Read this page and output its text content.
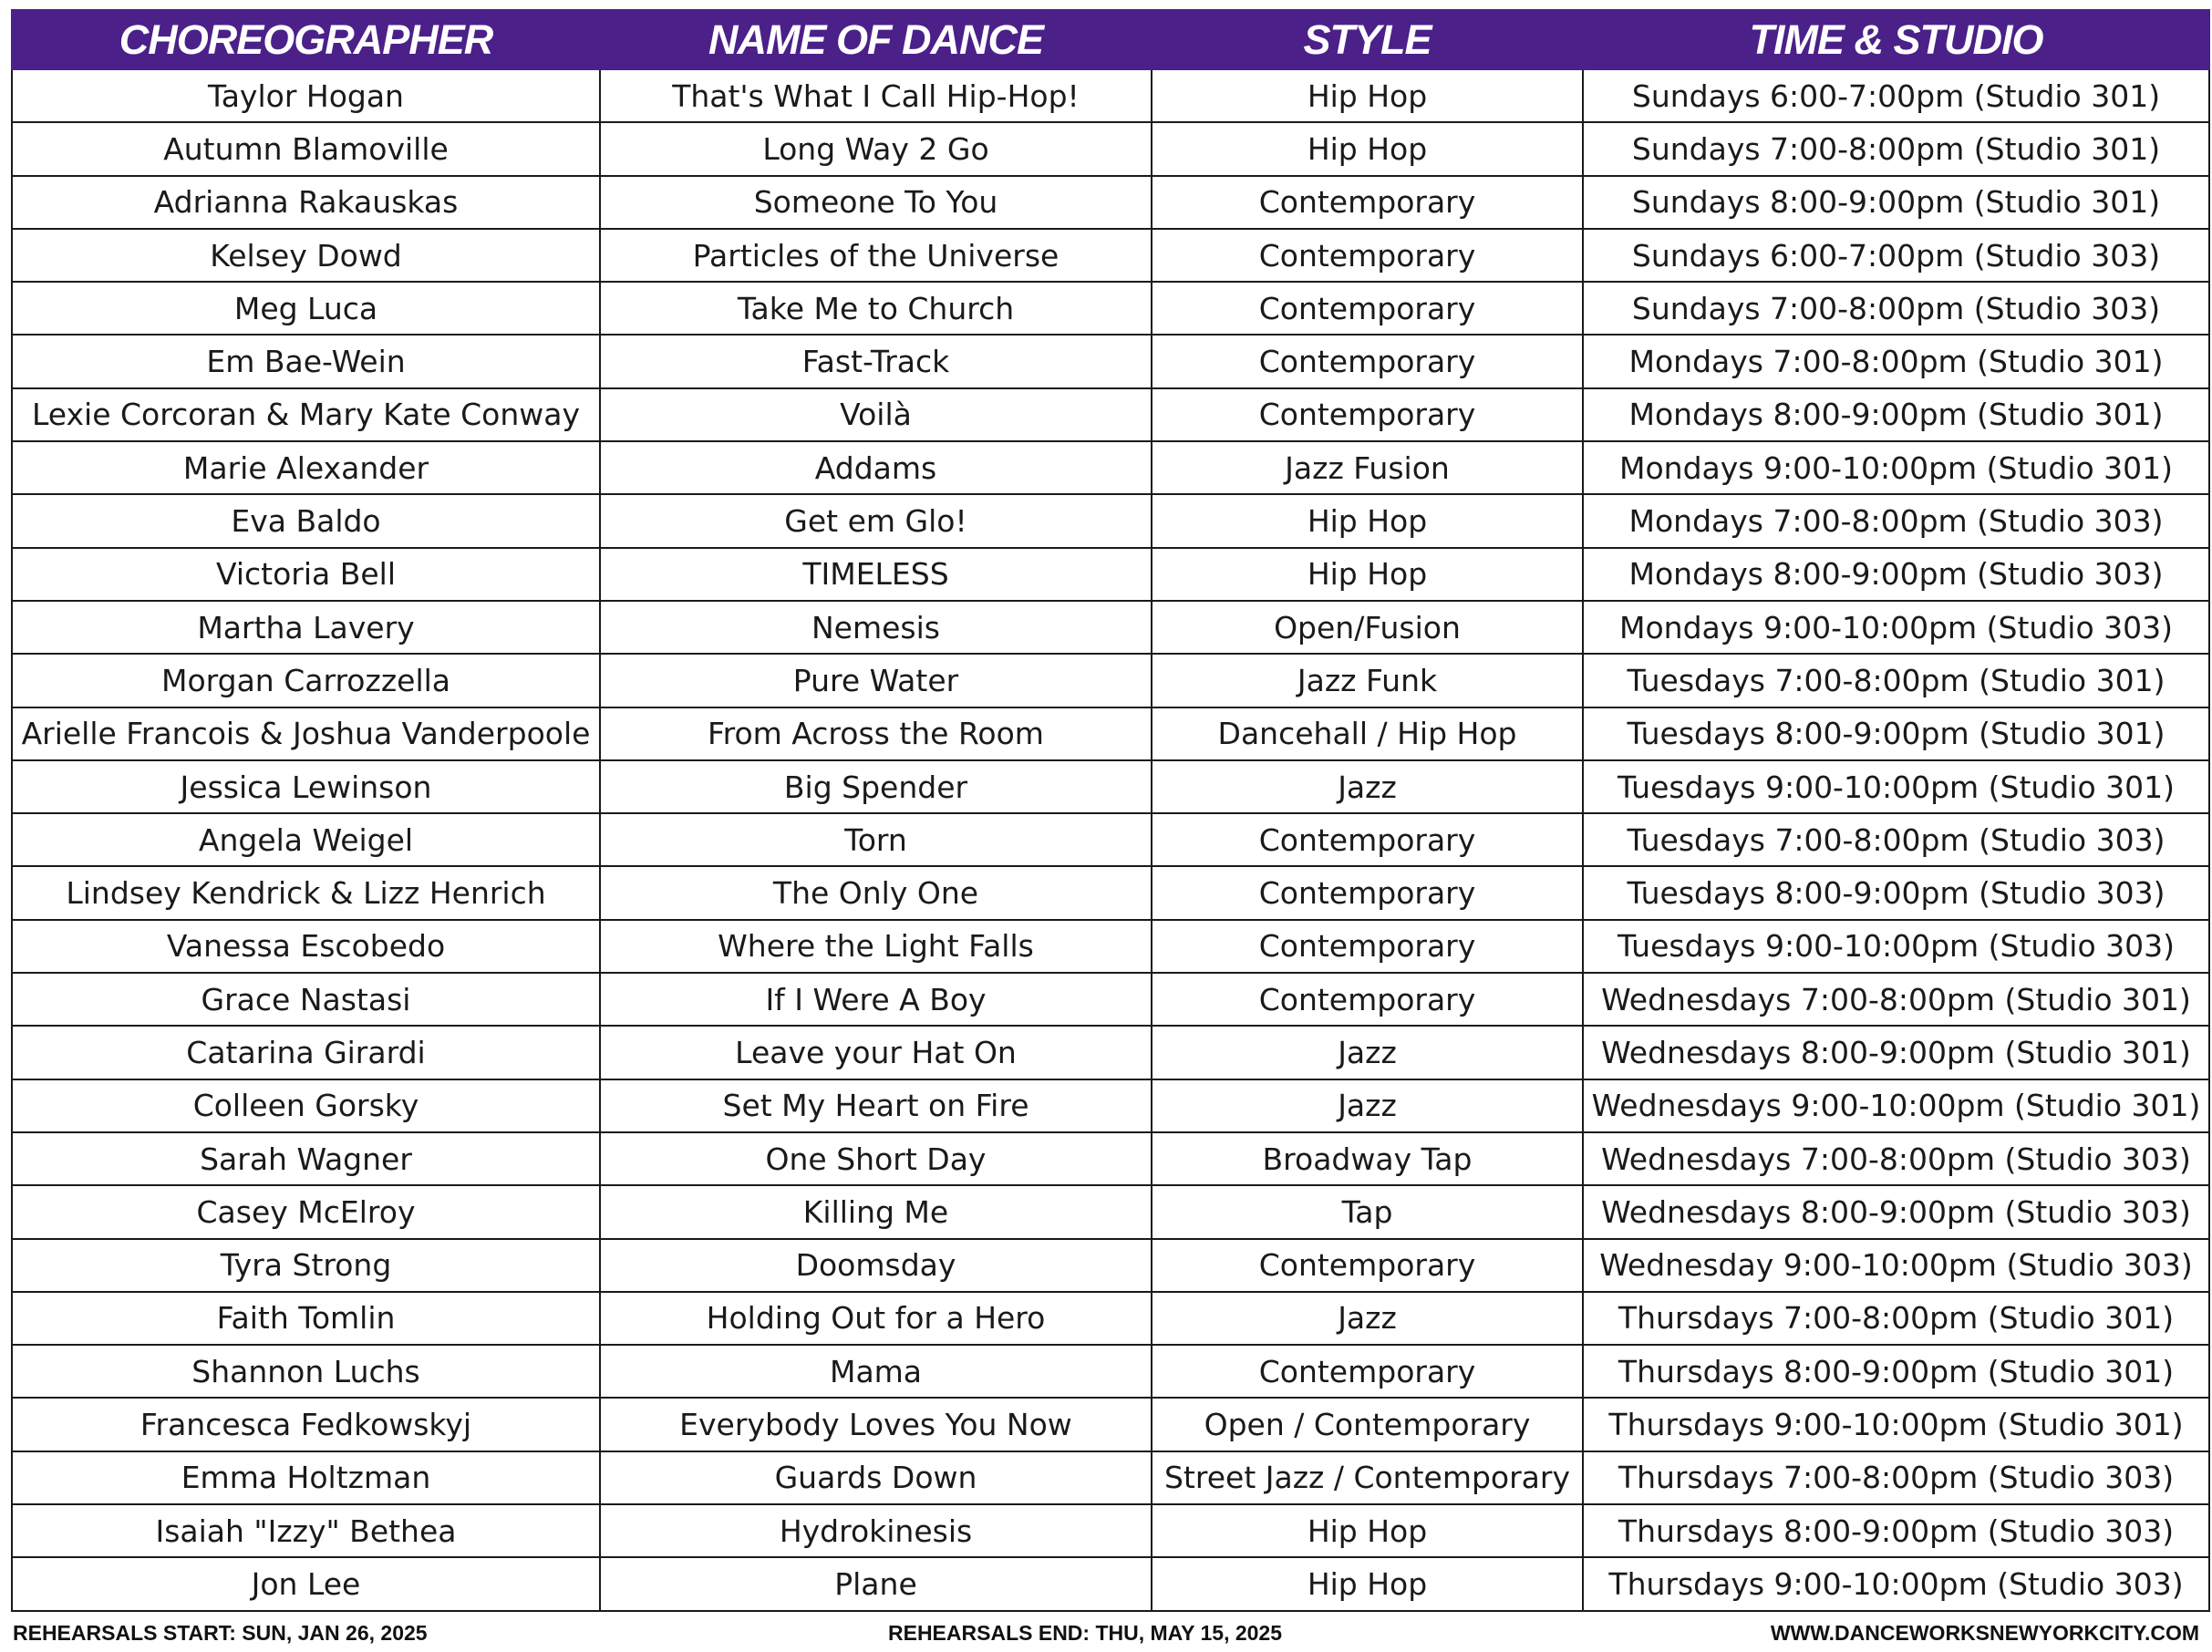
CHOREOGRAPHER	NAME OF DANCE	STYLE	TIME & STUDIO
Taylor Hogan	That's What I Call Hip-Hop!	Hip Hop	Sundays 6:00-7:00pm (Studio 301)
Autumn Blamoville	Long Way 2 Go	Hip Hop	Sundays 7:00-8:00pm (Studio 301)
Adrianna Rakauskas	Someone To You	Contemporary	Sundays 8:00-9:00pm (Studio 301)
Kelsey Dowd	Particles of the Universe	Contemporary	Sundays 6:00-7:00pm (Studio 303)
Meg Luca	Take Me to Church	Contemporary	Sundays 7:00-8:00pm (Studio 303)
Em Bae-Wein	Fast-Track	Contemporary	Mondays 7:00-8:00pm (Studio 301)
Lexie Corcoran & Mary Kate Conway	Voilà	Contemporary	Mondays 8:00-9:00pm (Studio 301)
Marie Alexander	Addams	Jazz Fusion	Mondays 9:00-10:00pm (Studio 301)
Eva Baldo	Get em Glo!	Hip Hop	Mondays 7:00-8:00pm (Studio 303)
Victoria Bell	TIMELESS	Hip Hop	Mondays 8:00-9:00pm (Studio 303)
Martha Lavery	Nemesis	Open/Fusion	Mondays 9:00-10:00pm (Studio 303)
Morgan Carrozzella	Pure Water	Jazz Funk	Tuesdays 7:00-8:00pm (Studio 301)
Arielle Francois & Joshua Vanderpoole	From Across the Room	Dancehall / Hip Hop	Tuesdays 8:00-9:00pm (Studio 301)
Jessica Lewinson	Big Spender	Jazz	Tuesdays 9:00-10:00pm (Studio 301)
Angela Weigel	Torn	Contemporary	Tuesdays 7:00-8:00pm (Studio 303)
Lindsey Kendrick & Lizz Henrich	The Only One	Contemporary	Tuesdays 8:00-9:00pm (Studio 303)
Vanessa Escobedo	Where the Light Falls	Contemporary	Tuesdays 9:00-10:00pm (Studio 303)
Grace Nastasi	If I Were A Boy	Contemporary	Wednesdays 7:00-8:00pm (Studio 301)
Catarina Girardi	Leave your Hat On	Jazz	Wednesdays 8:00-9:00pm (Studio 301)
Colleen Gorsky	Set My Heart on Fire	Jazz	Wednesdays 9:00-10:00pm (Studio 301)
Sarah Wagner	One Short Day	Broadway Tap	Wednesdays 7:00-8:00pm (Studio 303)
Casey McElroy	Killing Me	Tap	Wednesdays 8:00-9:00pm (Studio 303)
Tyra Strong	Doomsday	Contemporary	Wednesday 9:00-10:00pm (Studio 303)
Faith Tomlin	Holding Out for a Hero	Jazz	Thursdays 7:00-8:00pm (Studio 301)
Shannon Luchs	Mama	Contemporary	Thursdays 8:00-9:00pm (Studio 301)
Francesca Fedkowskyj	Everybody Loves You Now	Open / Contemporary	Thursdays 9:00-10:00pm (Studio 301)
Emma Holtzman	Guards Down	Street Jazz / Contemporary	Thursdays 7:00-8:00pm (Studio 303)
Isaiah "Izzy" Bethea	Hydrokinesis	Hip Hop	Thursdays 8:00-9:00pm (Studio 303)
Jon Lee	Plane	Hip Hop	Thursdays 9:00-10:00pm (Studio 303)
REHEARSALS START: SUN, JAN 26, 2025	REHEARSALS END: THU, MAY 15, 2025	WWW.DANCEWORKSNEWYORKCITY.COM
